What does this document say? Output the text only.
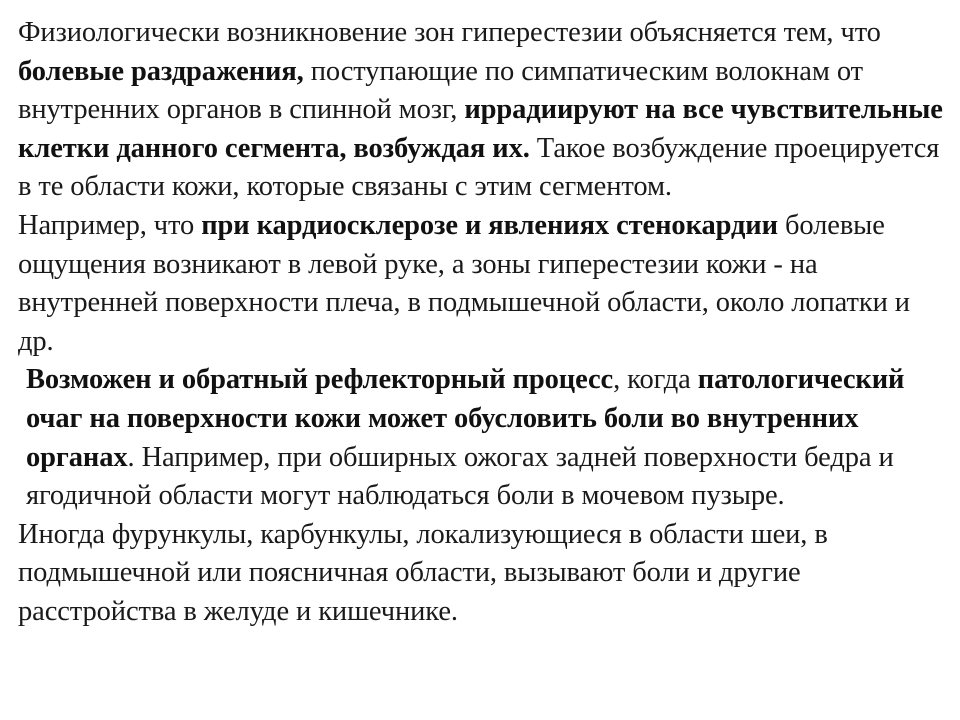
Физиологически возникновение зон гиперестезии объясняется тем, что болевые раздражения, поступающие по симпатическим волокнам от внутренних органов в спинной мозг, иррадиируют на все чувствительные клетки данного сегмента, возбуждая их. Такое возбуждение проецируется в те области кожи, которые связаны с этим сегментом.

Например, что при кардиосклерозе и явлениях стенокардии болевые ощущения возникают в левой руке, а зоны гиперестезии кожи - на внутренней поверхности плеча, в подмышечной области, около лопатки и др.

Возможен и обратный рефлекторный процесс, когда патологический очаг на поверхности кожи может обусловить боли во внутренних органах. Например, при обширных ожогах задней поверхности бедра и ягодичной области могут наблюдаться боли в мочевом пузыре.

Иногда фурункулы, карбункулы, локализующиеся в области шеи, в подмышечной или поясничная области, вызывают боли и другие расстройства в желуде и кишечнике.
